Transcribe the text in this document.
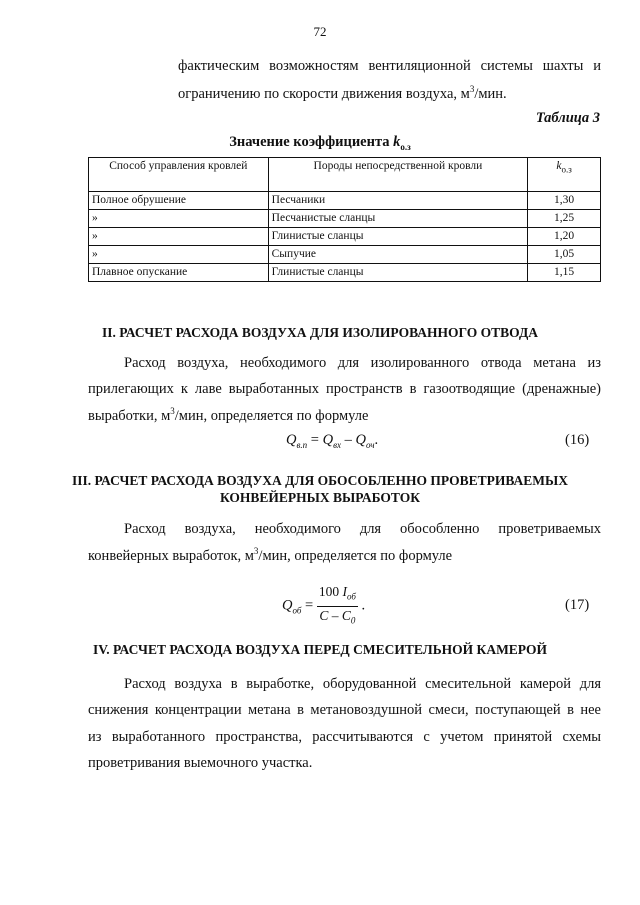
72
фактическим возможностям вентиляционной системы шахты и
ограничению по скорости движения воздуха, $м^3$/мин.
Таблица 3
Значение коэффициента $k_{о.з}$
Способ управления кровлей	Породы непосредственной кровли	$k_{о.з}$
Полное обрушение	Песчаники	1,30
»	Песчанистые сланцы	1,25
»	Глинистые сланцы	1,20
»	Сыпучие	1,05
Плавное опускание	Глинистые сланцы	1,15
II. РАСЧЕТ РАСХОДА ВОЗДУХА ДЛЯ ИЗОЛИРОВАННОГО ОТВОДА
Расход воздуха, необходимого для изолированного отвода метана из
прилегающих к лаве выработанных пространств в газоотводящие (дренажные)
выработки, $м^3$/мин, определяется по формуле
$Q_{в.п} = Q_{вх} - Q_{оч}$.	(16)
III. РАСЧЕТ РАСХОДА ВОЗДУХА ДЛЯ ОБОСОБЛЕННО ПРОВЕТРИВАЕМЫХ
КОНВЕЙЕРНЫХ ВЫРАБОТОК
Расход воздуха, необходимого для обособленно проветриваемых
конвейерных выработок, $м^3$/мин, определяется по формуле
$Q_{об} = \frac{100 I_{об}}{C - C_0}$ .	(17)
IV. РАСЧЕТ РАСХОДА ВОЗДУХА ПЕРЕД СМЕСИТЕЛЬНОЙ КАМЕРОЙ
Расход воздуха в выработке, оборудованной смесительной камерой для
снижения концентрации метана в метановоздушной смеси, поступающей в нее
из выработанного пространства, рассчитываются с учетом принятой схемы
проветривания выемочного участка.
